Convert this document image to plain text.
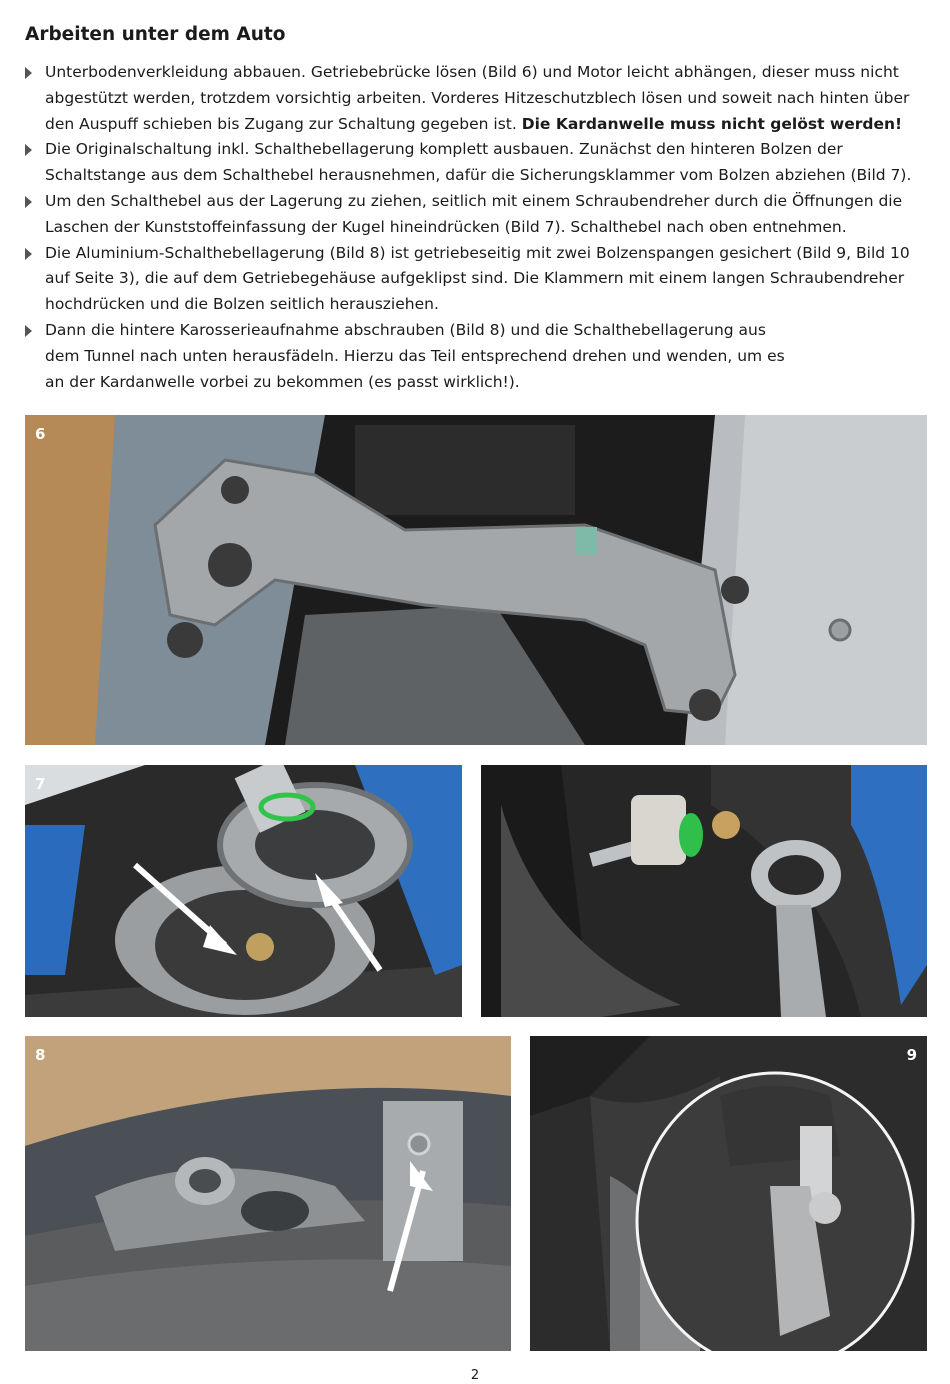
Arbeiten unter dem Auto
Unterbodenverkleidung abbauen. Getriebebrücke lösen (Bild 6) und Motor leicht abhängen, dieser muss nicht abgestützt werden, trotzdem vorsichtig arbeiten. Vorderes Hitzeschutzblech lösen und soweit nach hinten über den Auspuff schieben bis Zugang zur Schaltung gegeben ist. Die Kardanwelle muss nicht gelöst werden!
Die Originalschaltung inkl. Schalthebellagerung komplett ausbauen. Zunächst den hinteren Bolzen der Schaltstange aus dem Schalthebel herausnehmen, dafür die Sicherungsklammer vom Bolzen abziehen (Bild 7).
Um den Schalthebel aus der Lagerung zu ziehen, seitlich mit einem Schraubendreher durch die Öffnungen die Laschen der Kunststoffeinfassung der Kugel hineindrücken (Bild 7). Schalthebel nach oben entnehmen.
Die Aluminium-Schalthebellagerung (Bild 8) ist getriebeseitig mit zwei Bolzenspangen gesichert (Bild 9, Bild 10 auf Seite 3), die auf dem Getriebegehäuse aufgeklipst sind. Die Klammern mit einem langen Schraubendreher hochdrücken und die Bolzen seitlich herausziehen.
Dann die hintere Karosserieaufnahme abschrauben (Bild 8) und die Schalthebellagerung aus dem Tunnel nach unten herausfädeln. Hierzu das Teil entsprechend drehen und wenden, um es an der Kardanwelle vorbei zu bekommen (es passt wirklich!).
6
7
8	9
2
